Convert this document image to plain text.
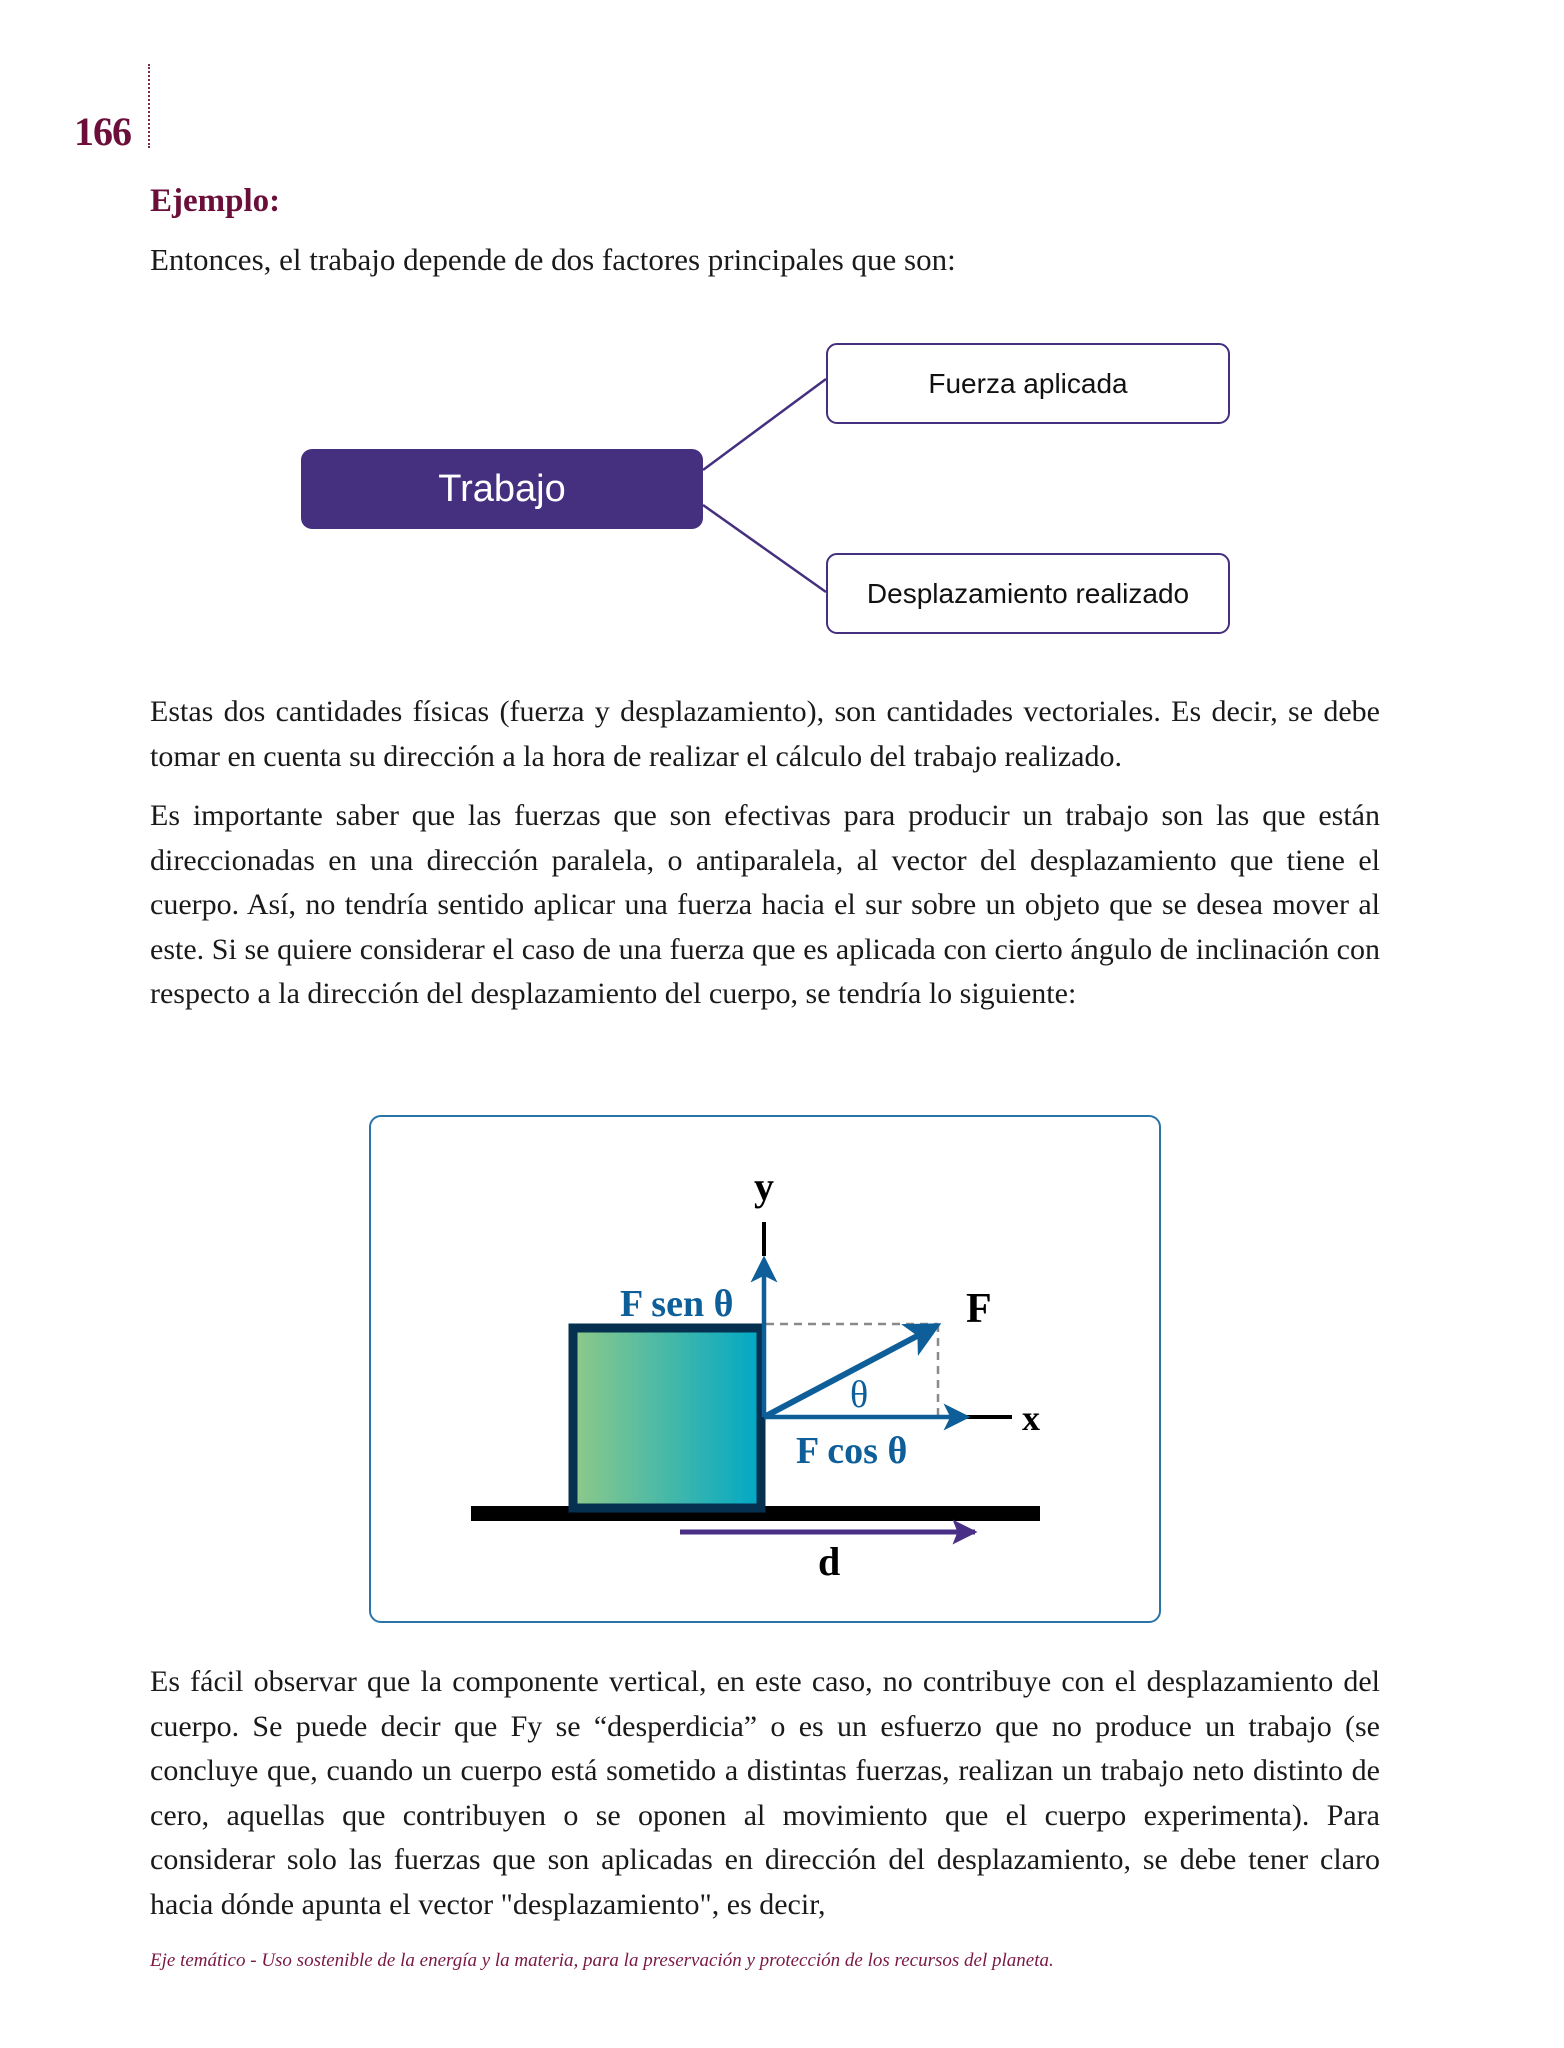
166
Ejemplo:
Entonces, el trabajo depende de dos factores principales que son:
Trabajo
Fuerza aplicada
Desplazamiento realizado
Estas dos cantidades físicas (fuerza y desplazamiento), son cantidades vectoriales. Es decir, se debe tomar en cuenta su dirección a la hora de realizar el cálculo del trabajo realizado.
Es importante saber que las fuerzas que son efectivas para producir un trabajo son las que están direccionadas en una dirección paralela, o antiparalela, al vector del desplazamiento que tiene el cuerpo. Así, no tendría sentido aplicar una fuerza hacia el sur sobre un objeto que se desea mover al este. Si se quiere considerar el caso de una fuerza que es aplicada con cierto ángulo de inclinación con respecto a la dirección del desplazamiento del cuerpo, se tendría lo siguiente:
y
x
F
F sen θ
F cos θ
θ
d
Es fácil observar que la componente vertical, en este caso, no contribuye con el desplazamiento del cuerpo. Se puede decir que Fy se “desperdicia” o es un esfuerzo que no produce un trabajo (se concluye que, cuando un cuerpo está sometido a distintas fuerzas, realizan un trabajo neto distinto de cero, aquellas que contribuyen o se oponen al movimiento que el cuerpo experimenta). Para considerar solo las fuerzas que son aplicadas en dirección del desplazamiento, se debe tener claro hacia dónde apunta el vector "desplazamiento", es decir,
Eje temático - Uso sostenible de la energía y la materia, para la preservación y protección de los recursos del planeta.
